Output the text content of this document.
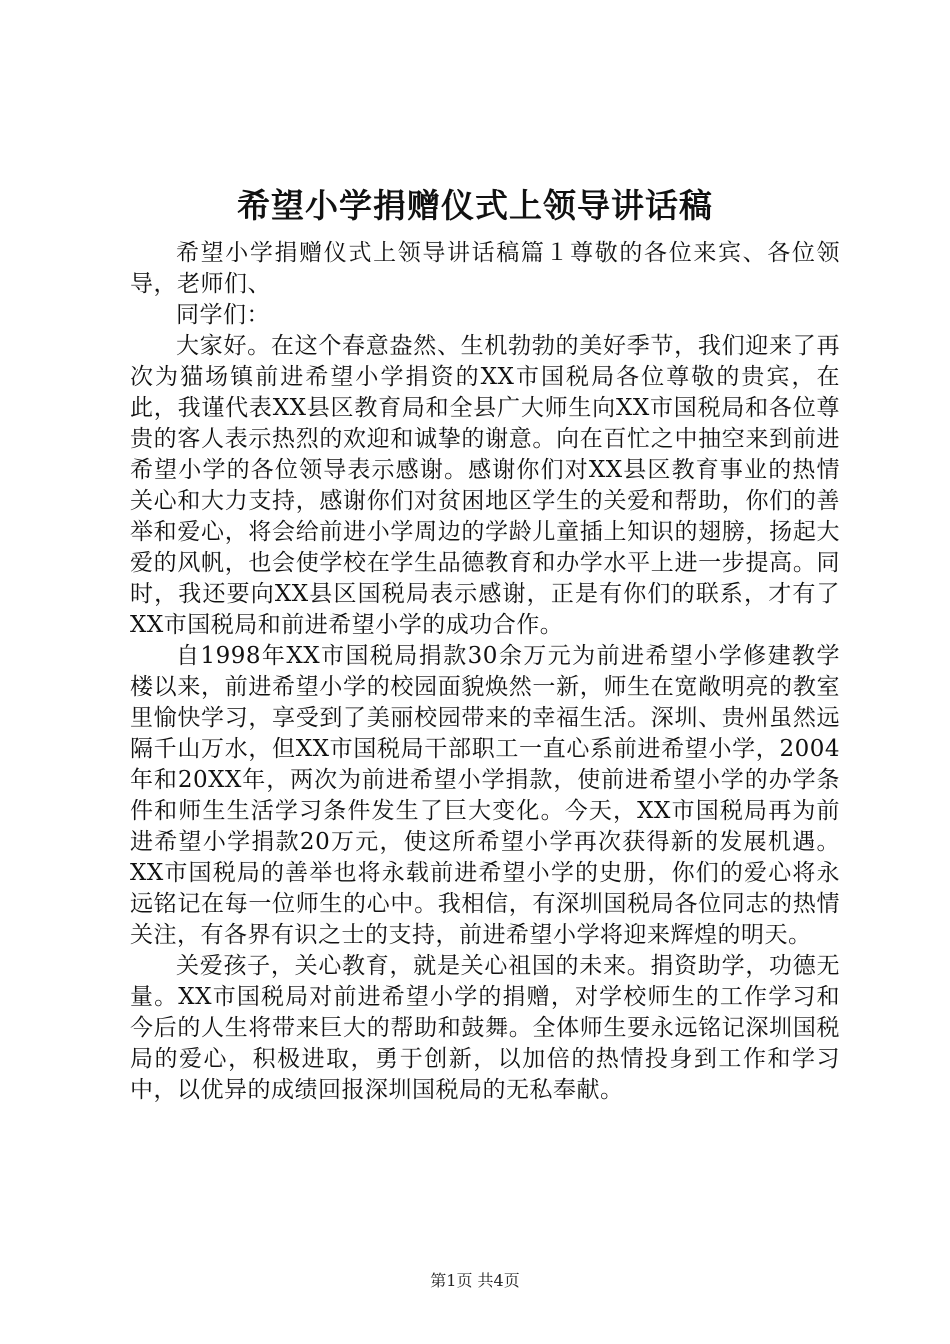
希望小学捐赠仪式上领导讲话稿

希望小学捐赠仪式上领导讲话稿篇１尊敬的各位来宾、各位领导，老师们、

同学们：

大家好。在这个春意盎然、生机勃勃的美好季节，我们迎来了再次为猫场镇前进希望小学捐资的XX市国税局各位尊敬的贵宾，在此，我谨代表XX县区教育局和全县广大师生向XX市国税局和各位尊贵的客人表示热烈的欢迎和诚挚的谢意。向在百忙之中抽空来到前进希望小学的各位领导表示感谢。感谢你们对XX县区教育事业的热情关心和大力支持，感谢你们对贫困地区学生的关爱和帮助，你们的善举和爱心，将会给前进小学周边的学龄儿童插上知识的翅膀，扬起大爱的风帆，也会使学校在学生品德教育和办学水平上进一步提高。同时，我还要向XX县区国税局表示感谢，正是有你们的联系，才有了XX市国税局和前进希望小学的成功合作。

自1998年XX市国税局捐款30余万元为前进希望小学修建教学楼以来，前进希望小学的校园面貌焕然一新，师生在宽敞明亮的教室里愉快学习，享受到了美丽校园带来的幸福生活。深圳、贵州虽然远隔千山万水，但XX市国税局干部职工一直心系前进希望小学，2004年和20XX年，两次为前进希望小学捐款，使前进希望小学的办学条件和师生生活学习条件发生了巨大变化。今天，XX市国税局再为前进希望小学捐款20万元，使这所希望小学再次获得新的发展机遇。XX市国税局的善举也将永载前进希望小学的史册，你们的爱心将永远铭记在每一位师生的心中。我相信，有深圳国税局各位同志的热情关注，有各界有识之士的支持，前进希望小学将迎来辉煌的明天。

关爱孩子，关心教育，就是关心祖国的未来。捐资助学，功德无量。XX市国税局对前进希望小学的捐赠，对学校师生的工作学习和今后的人生将带来巨大的帮助和鼓舞。全体师生要永远铭记深圳国税局的爱心，积极进取，勇于创新，以加倍的热情投身到工作和学习中，以优异的成绩回报深圳国税局的无私奉献。

第1页 共4页
